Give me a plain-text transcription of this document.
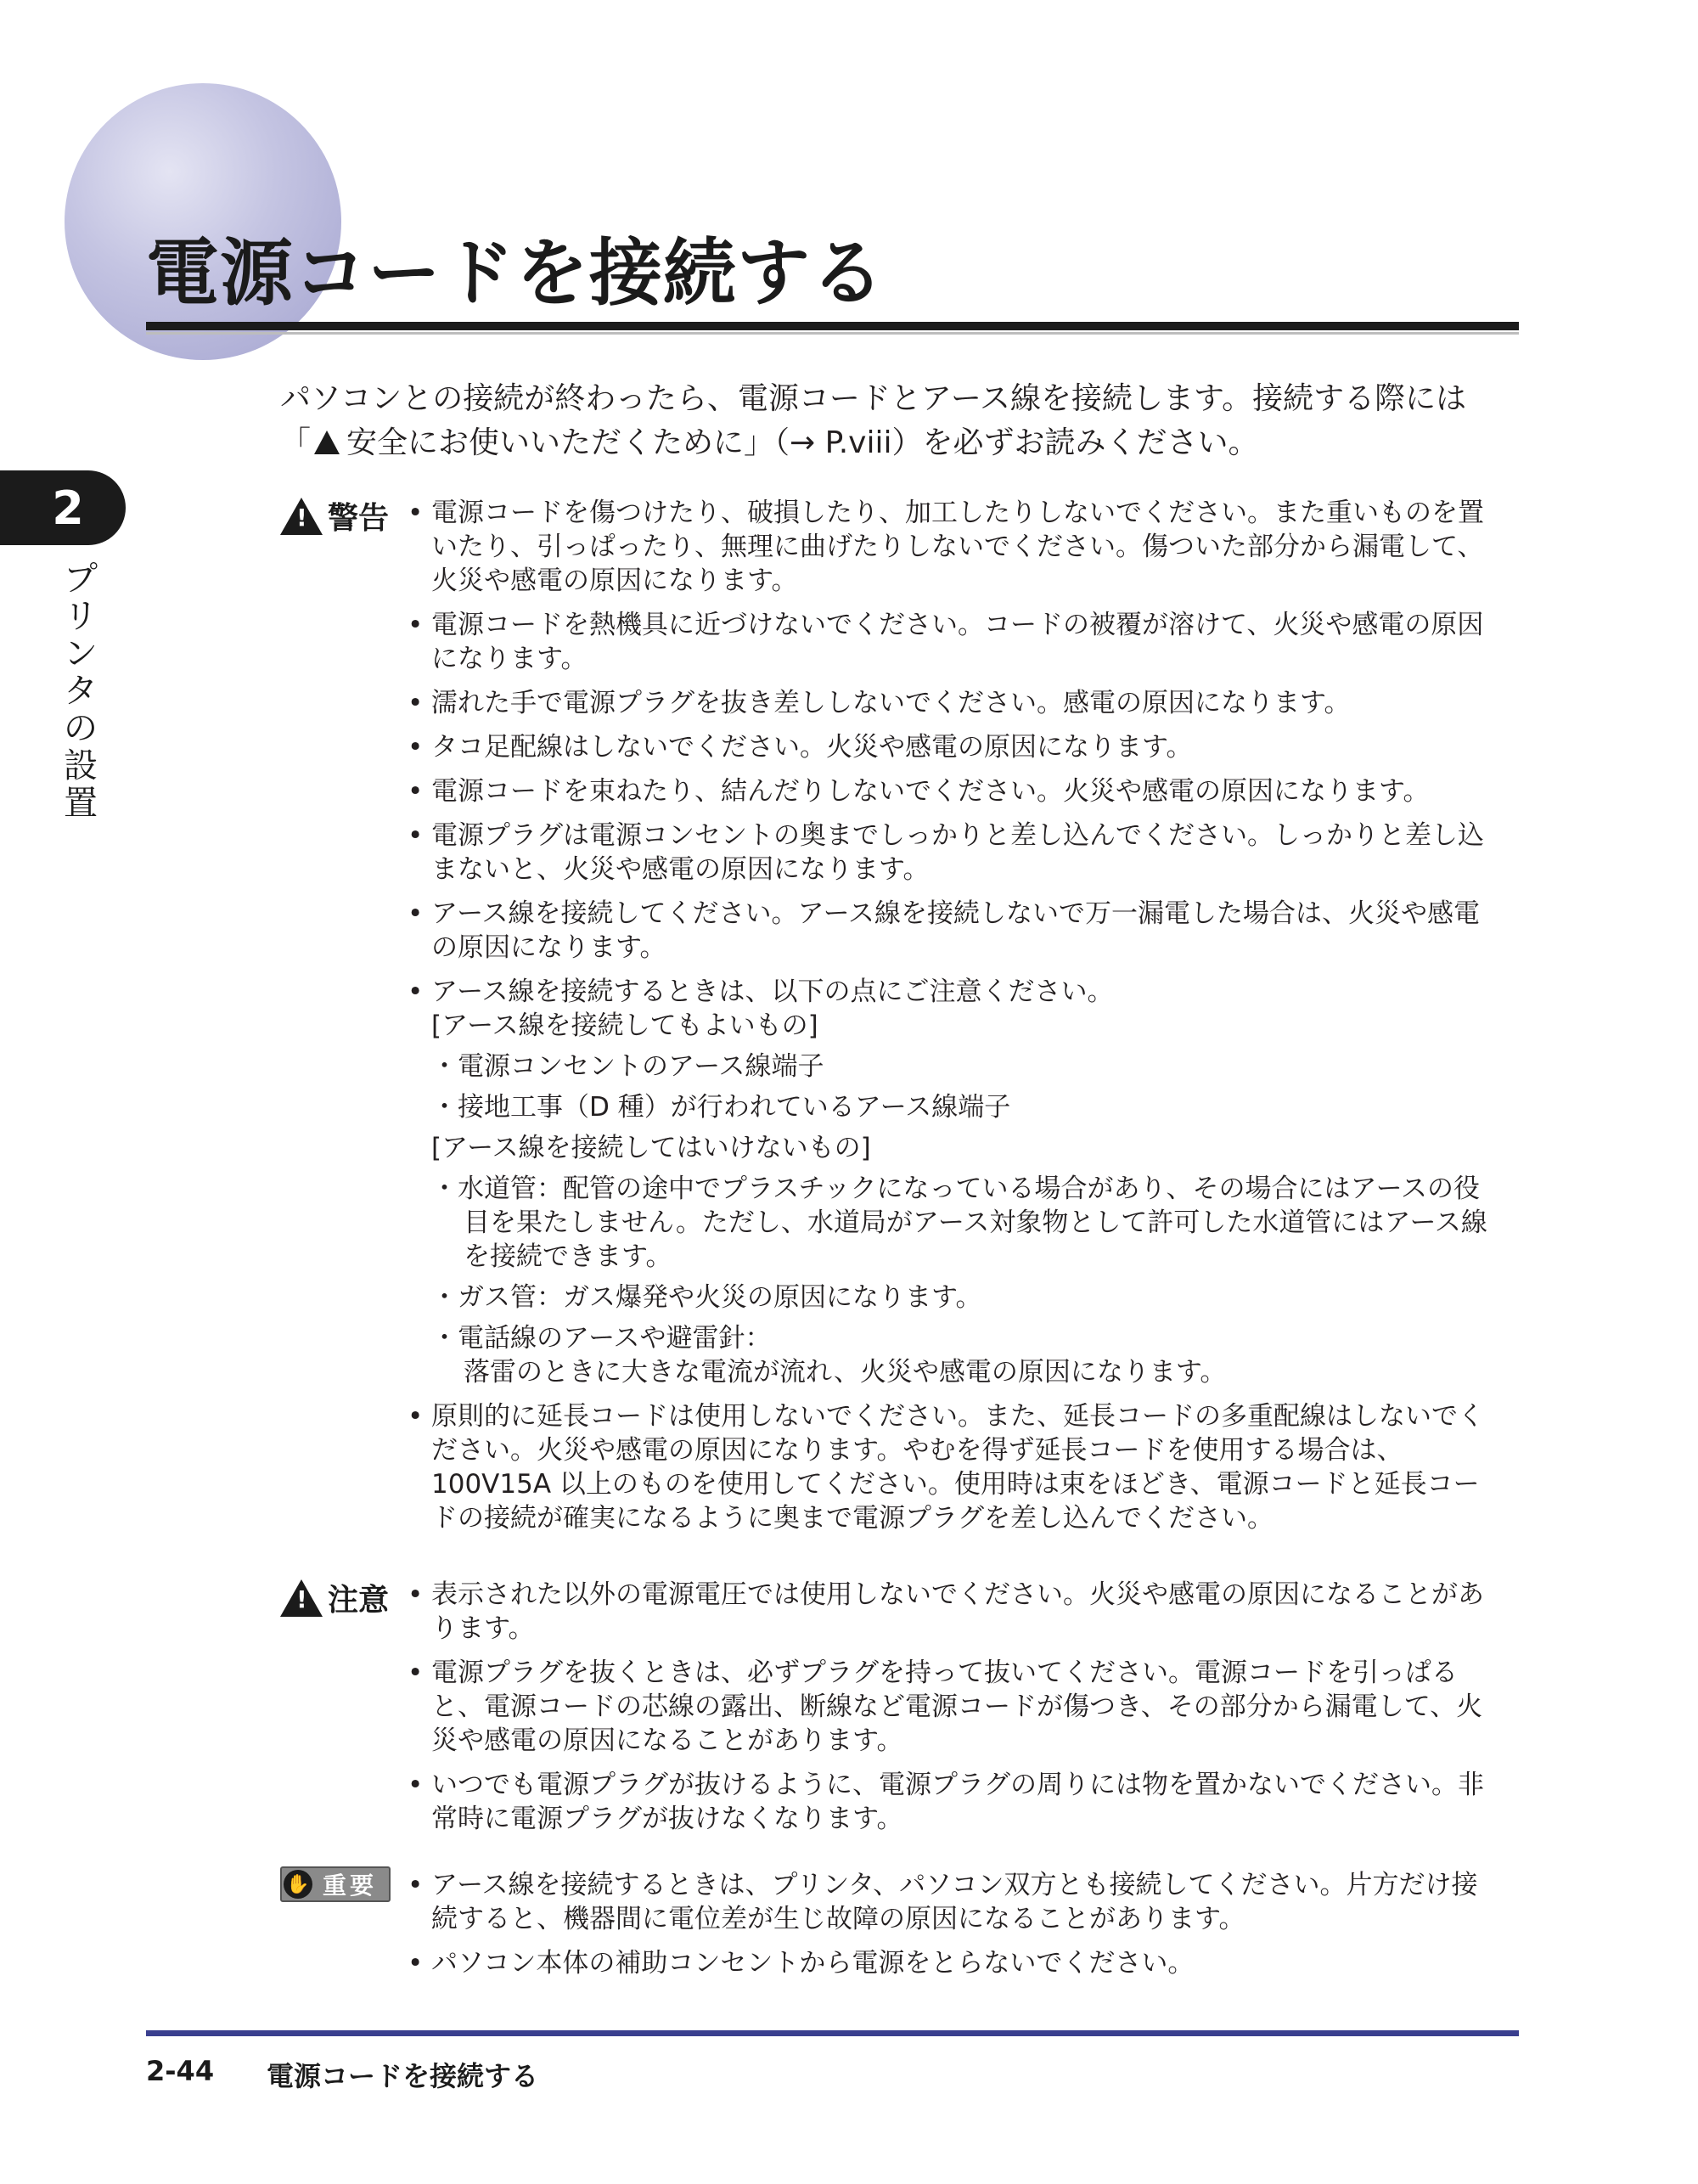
電源コードを接続する
2
プ
リ
ン
タ
の
設
置

パソコンとの接続が終わったら、電源コードとアース線を接続します。接続する際には

「 安全にお使いいただくために」（→ P.viii）を必ずお読みください。

!
警告 • 電源コードを傷つけたり、破損したり、加工したりしないでください。また重いものを置
いたり、引っぱったり、無理に曲げたりしないでください。傷ついた部分から漏電して、
火災や感電の原因になります。
• 電源コードを熱機具に近づけないでください。コードの被覆が溶けて、火災や感電の原因
になります。
• 濡れた手で電源プラグを抜き差ししないでください。感電の原因になります。
• タコ足配線はしないでください。火災や感電の原因になります。
• 電源コードを束ねたり、結んだりしないでください。火災や感電の原因になります。
• 電源プラグは電源コンセントの奥までしっかりと差し込んでください。しっかりと差し込
まないと、火災や感電の原因になります。
• アース線を接続してください。アース線を接続しないで万一漏電した場合は、火災や感電
の原因になります。
• アース線を接続するときは、以下の点にご注意ください。
[アース線を接続してもよいもの]
・電源コンセントのアース線端子
・接地工事（D 種）が行われているアース線端子
[アース線を接続してはいけないもの]
・水道管：配管の途中でプラスチックになっている場合があり、その場合にはアースの役
目を果たしません。ただし、水道局がアース対象物として許可した水道管にはアース線
を接続できます。
・ガス管：ガス爆発や火災の原因になります。
・電話線のアースや避雷針：
落雷のときに大きな電流が流れ、火災や感電の原因になります。
• 原則的に延長コードは使用しないでください。また、延長コードの多重配線はしないでく
ださい。火災や感電の原因になります。やむを得ず延長コードを使用する場合は、
100V15A 以上のものを使用してください。使用時は束をほどき、電源コードと延長コー
ドの接続が確実になるように奥まで電源プラグを差し込んでください。
!
注意 • 表示された以外の電源電圧では使用しないでください。火災や感電の原因になることがあ
ります。
• 電源プラグを抜くときは、必ずプラグを持って抜いてください。電源コードを引っぱる
と、電源コードの芯線の露出、断線など電源コードが傷つき、その部分から漏電して、火
災や感電の原因になることがあります。
• いつでも電源プラグが抜けるように、電源プラグの周りには物を置かないでください。非
常時に電源プラグが抜けなくなります。
✋ 重要	• アース線を接続するときは、プリンタ、パソコン双方とも接続してください。片方だけ接
続すると、機器間に電位差が生じ故障の原因になることがあります。
• パソコン本体の補助コンセントから電源をとらないでください。
2-44 電源コードを接続する
